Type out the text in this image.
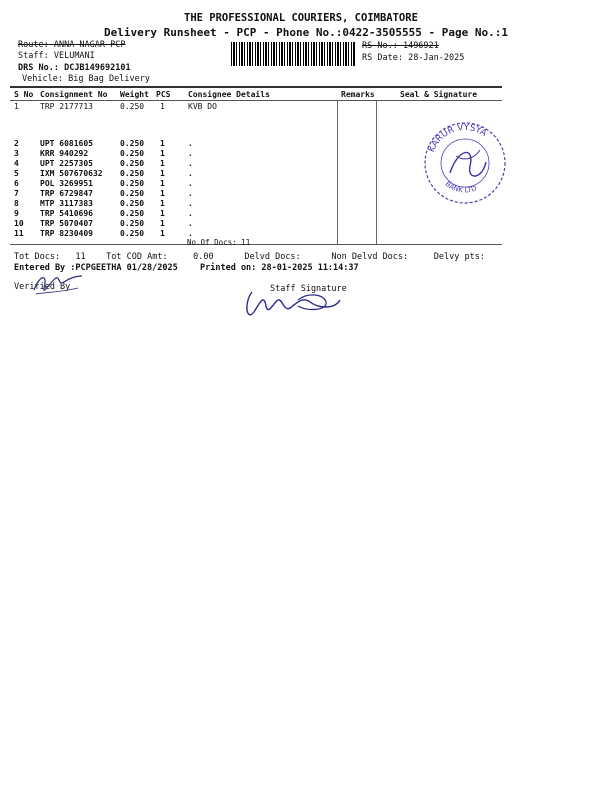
THE PROFESSIONAL COURIERS, COIMBATORE
Delivery Runsheet - PCP - Phone No.:0422-3505555 - Page No.:1
Route: ANNA NAGAR PCP
Staff: VELUMANI
DRS No.: DCJB149692101
Vehicle: Big Bag Delivery
RS No.: 1496921
RS Date: 28-Jan-2025
S No Consignment No Weight PCS Consignee Details	Remarks	Seal & Signature
1	TRP 2177713	0.250 1	KVB DO
2	UPT 6081605	0.250 1	.
3	KRR 940292	0.250 1	.
4	UPT 2257305	0.250 1	.
5	IXM 507670632 0.250 1	.
6	POL 3269951	0.250 1	.
7	TRP 6729847	0.250 1	.
8	MTP 3117383	0.250 1	.
9	TRP 5410696	0.250 1	.
10 TRP 5070407	0.250 1	.
11 TRP 8230409	0.250 1	.
No.Of Docs: 11
KARUR VYSYA
BANK LTD
Tot Docs: 11 Tot COD Amt:	0.00	Delvd Docs:	Non Delvd Docs:	Delvy pts:
Entered By :PCPGEETHA 01/28/2025	Printed on: 28-01-2025 11:14:37
Verified By	Staff Signature
